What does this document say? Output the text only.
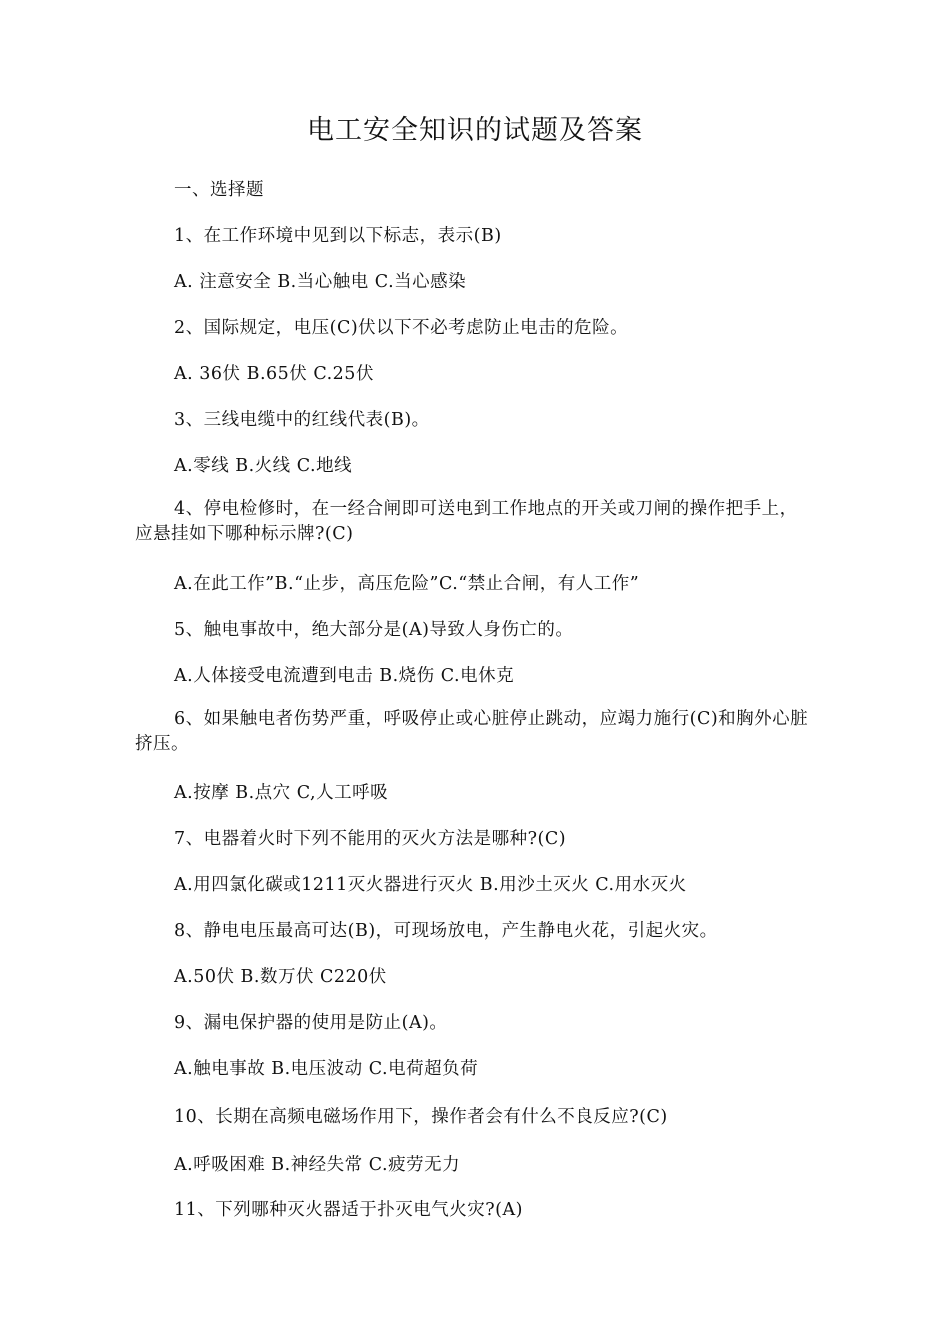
电工安全知识的试题及答案
一、选择题
1、在工作环境中见到以下标志，表示(B)
A. 注意安全 B.当心触电 C.当心感染
2、国际规定，电压(C)伏以下不必考虑防止电击的危险。
A. 36伏 B.65伏 C.25伏
3、三线电缆中的红线代表(B)。
A.零线 B.火线 C.地线
4、停电检修时，在一经合闸即可送电到工作地点的开关或刀闸的操作把手上，应悬挂如下哪种标示牌?(C)
A.在此工作”B.“止步，高压危险”C.“禁止合闸，有人工作”
5、触电事故中，绝大部分是(A)导致人身伤亡的。
A.人体接受电流遭到电击 B.烧伤 C.电休克
6、如果触电者伤势严重，呼吸停止或心脏停止跳动，应竭力施行(C)和胸外心脏挤压。
A.按摩 B.点穴 C,人工呼吸
7、电器着火时下列不能用的灭火方法是哪种?(C)
A.用四氯化碳或1211灭火器进行灭火 B.用沙土灭火 C.用水灭火
8、静电电压最高可达(B)，可现场放电，产生静电火花，引起火灾。
A.50伏 B.数万伏 C220伏
9、漏电保护器的使用是防止(A)。
A.触电事故 B.电压波动 C.电荷超负荷
10、长期在高频电磁场作用下，操作者会有什么不良反应?(C)
A.呼吸困难 B.神经失常 C.疲劳无力
11、下列哪种灭火器适于扑灭电气火灾?(A)
